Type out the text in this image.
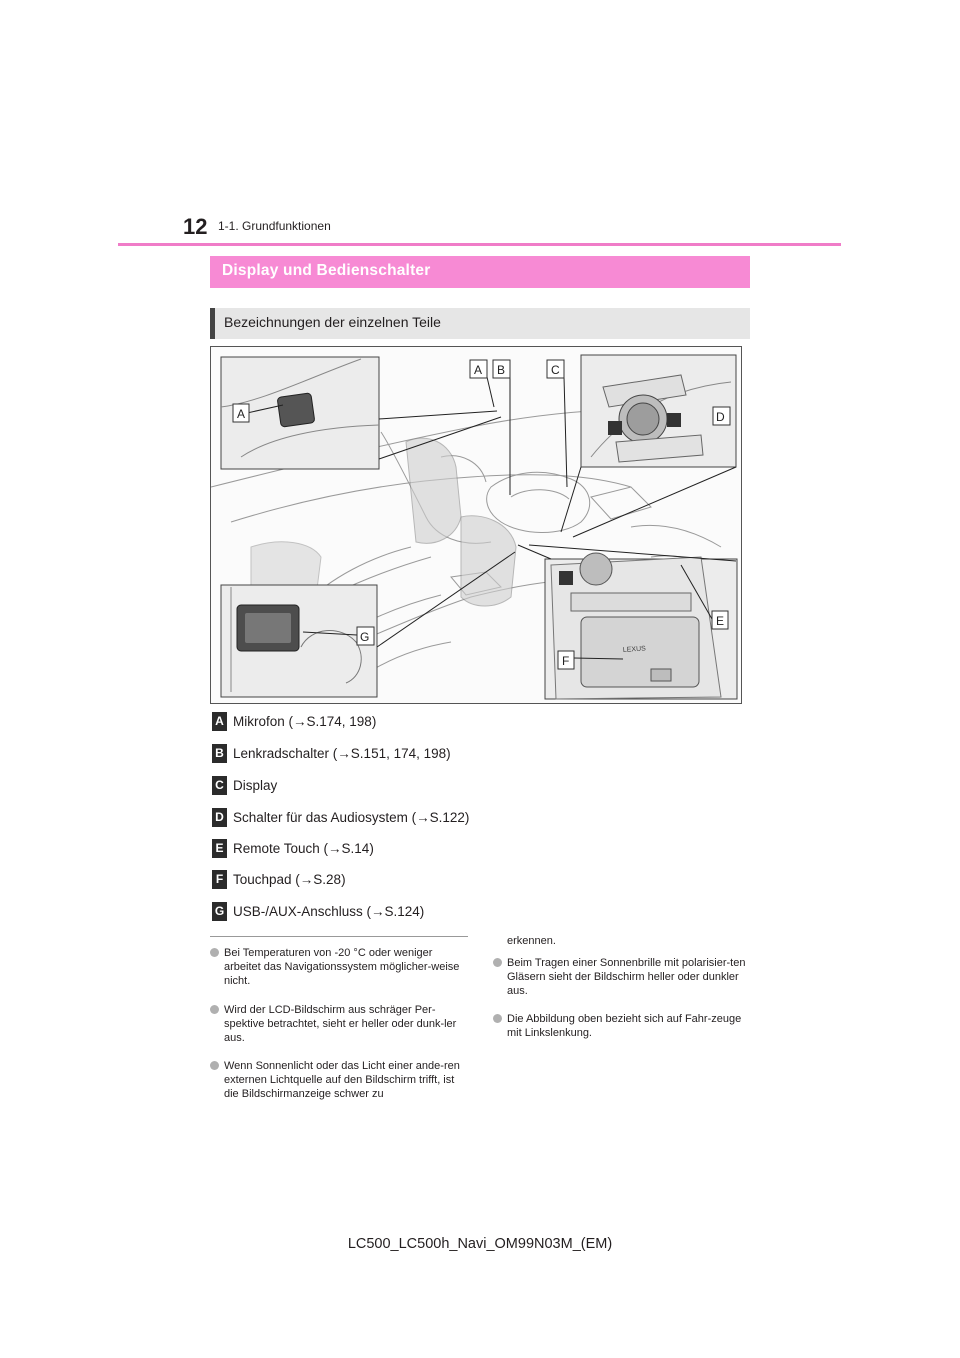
12 1-1. Grundfunktionen
Display und Bedienschalter
Bezeichnungen der einzelnen Teile
LEXUS
A
A B	C
D
E
F
G
A Mikrofon (→S.174, 198)
B Lenkradschalter (→S.151, 174, 198)
C Display
D Schalter für das Audiosystem (→S.122)
E Remote Touch (→S.14)
F Touchpad (→S.28)
G USB-/AUX-Anschluss (→S.124)
Bei Temperaturen von -20 °C oder weniger arbeitet das Navigationssystem möglicher-weise nicht.
Wird der LCD-Bildschirm aus schräger Per-spektive betrachtet, sieht er heller oder dunk-ler aus.
Wenn Sonnenlicht oder das Licht einer ande-ren externen Lichtquelle auf den Bildschirm trifft, ist die Bildschirmanzeige schwer zu
erkennen.
Beim Tragen einer Sonnenbrille mit polarisier-ten Gläsern sieht der Bildschirm heller oder dunkler aus.
Die Abbildung oben bezieht sich auf Fahr-zeuge mit Linkslenkung.
LC500_LC500h_Navi_OM99N03M_(EM)
